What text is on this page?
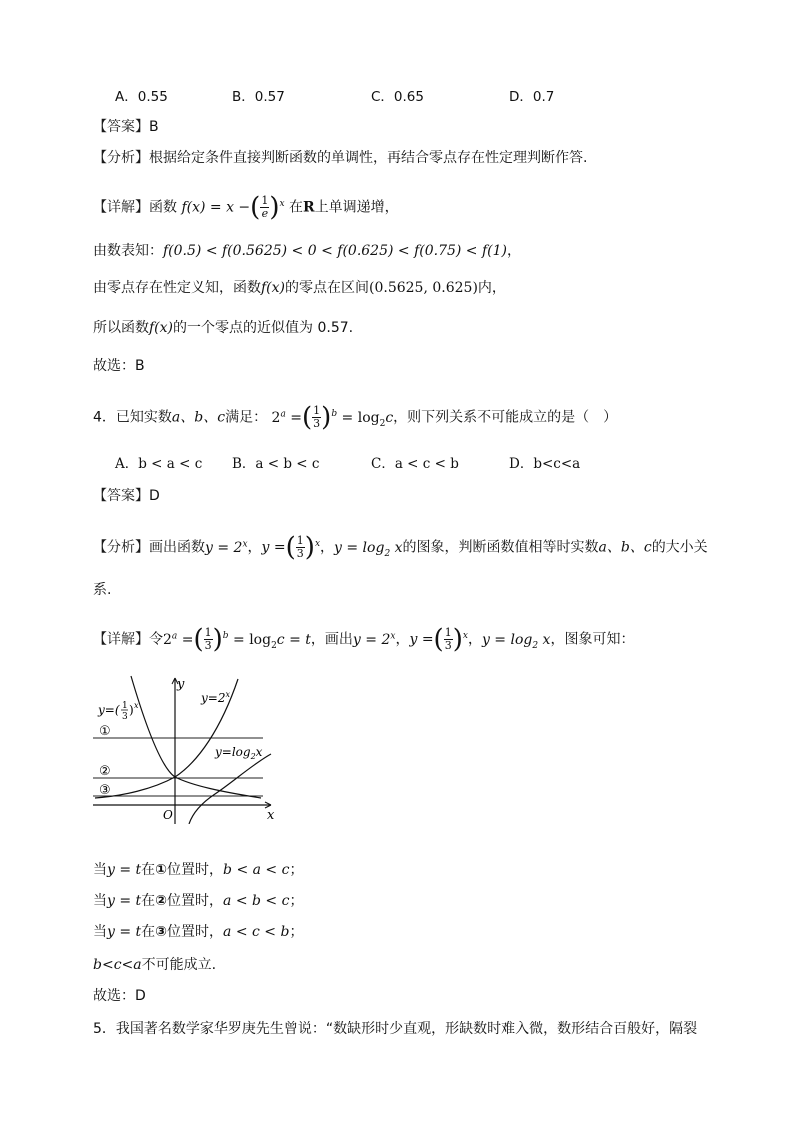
A．0.55	B．0.57	C．0.65	D．0.7
【答案】B
【分析】根据给定条件直接判断函数的单调性，再结合零点存在性定理判断作答.
【详解】函数 f(x) = x −( $\frac{1}{e} )^x$ 在R上单调递增，
由数表知：f(0.5) < f(0.5625) < 0 < f(0.625) < f(0.75) < f(1)，
由零点存在性定义知，函数f(x)的零点在区间(0.5625, 0.625)内，
所以函数f(x)的一个零点的近似值为 0.57.
故选：B
4．已知实数a、b、c满足： $2^a$ =( $\frac{1}{3} )^b = \log_2c$，则下列关系不可能成立的是（　）
A．b < a < c B．a < b < c	C．a < c < b	D．b<c<a
【答案】D
【分析】画出函数$y = 2^x$，y =( $\frac{1}{3} )^x$，$y = \log_2 x$的图象，判断函数值相等时实数a、b、c的大小关
系.
【详解】令$2^a$ =( $\frac{1}{3} )^b = \log_2c = t$，画出$y = 2^x$，y =( $\frac{1}{3} )^x$，$y = \log_2 x$，图象可知：
y=( 1
3 ) x
$y=2^x$
$y=\log_2x$
y
x
O
①
②
③
当y = t在①位置时，b < a < c；
当y = t在②位置时，a < b < c；
当y = t在③位置时，a < c < b；
b<c<a不可能成立.
故选：D
5．我国著名数学家华罗庚先生曾说：“数缺形时少直观，形缺数时难入微，数形结合百般好，隔裂
